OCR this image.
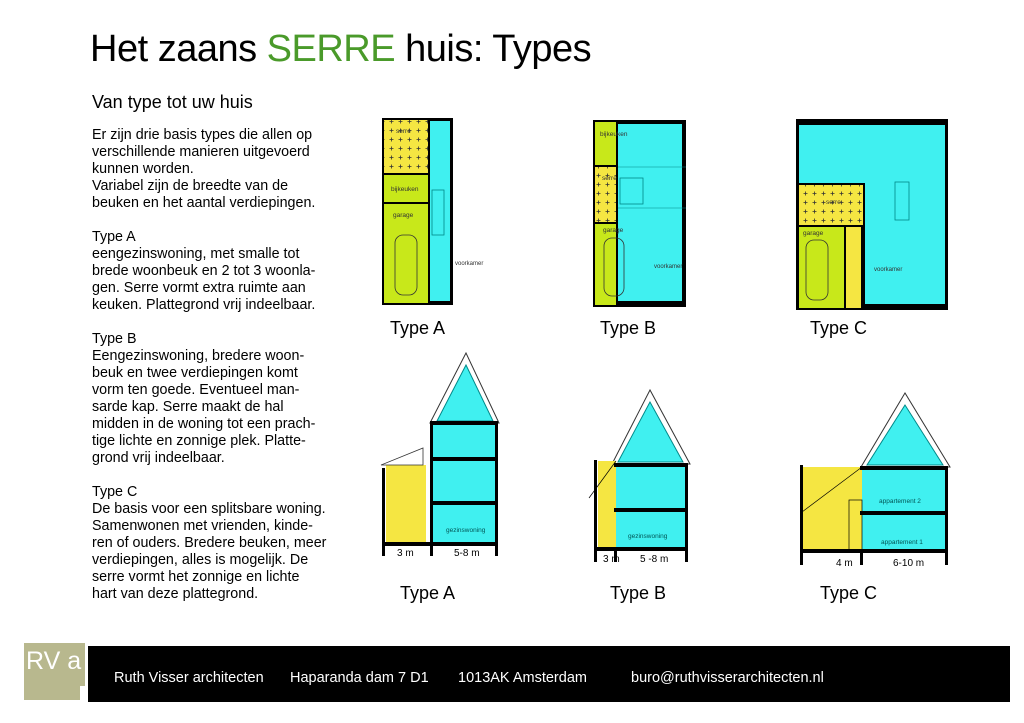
Het zaans SERRE huis: Types
Van type tot uw huis

Er zijn drie basis types die allen op
verschillende manieren uitgevoerd
kunnen worden.
Variabel zijn de breedte van de
beuken en het aantal verdiepingen.

Type A
eengezinswoning, met smalle tot
brede woonbeuk en 2 tot 3 woonla-
gen. Serre vormt extra ruimte aan
keuken. Plattegrond vrij indeelbaar.

Type B
Eengezinswoning, bredere woon-
beuk en twee verdiepingen komt
vorm ten goede. Eventueel man-
sarde kap. Serre maakt de hal
midden in de woning tot een prach-
tige lichte en zonnige plek. Platte-
grond vrij indeelbaar.

Type C
De basis voor een splitsbare woning.
Samenwonen met vrienden, kinde-
ren of ouders. Bredere beuken, meer
verdiepingen, alles is mogelijk. De
serre vormt het zonnige en lichte
hart van deze plattegrond.

serre
bijkeuken
garage
voorkamer
bijkeuken
serre
garage
voorkamer
serre
garage
voorkamer
gezinswoning
3 m	5-8 m
gezinswoning
3 m 5 -8 m
appartement 2
appartement 1
4 m	6-10 m
Type A	Type B	Type C
Type A	Type B	Type C
Ruth Visser architecten Haparanda dam 7 D1 1013AK Amsterdam	buro@ruthvisserarchitecten.nl
RV a
